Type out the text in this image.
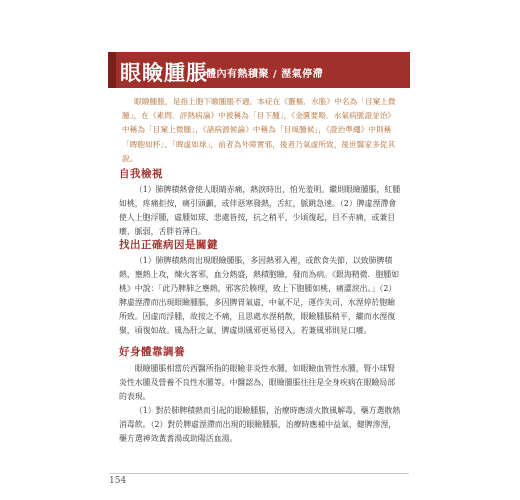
眼瞼腫脹
體內有熱積聚 / 溼氣停滯

眼瞼腫脹，是指上胞下瞼腫脹不適。本症在《靈樞．水脹》中名為「目窠上微腫」，在《素問．評熱病論》中被稱為「目下腫」，《金匱要略．水氣病脈證並治》中稱為「目窠上微腫」，《諸病源候論》中稱為「目風腫候」，《證治準繩》中則稱「睥胞如杯」、「睥虛如球」，前者為外障實邪，後者乃氣虛所致，後世醫家多從其說。

自我檢視

（1）肺脾積熱會使人眼睛赤痛，熱淚時出，怕光羞明。繼則眼瞼腫脹，紅腫如桃，疼痛拒按，痛引頭顱，或伴惡寒發熱，舌紅，脈跳急速。（2）脾虛溼滯會使人上胞浮腫，虛腫如球，悲處皆按，抗之稍平，少頃復起，目不赤痛，或兼目癢，脈弱，舌胖苔薄白。

找出正確病因是關鍵

（1）肺脾積熱而出現眼瞼腫脹，多因熱邪入裡，或飲食失節，以致肺脾積熱，壅熱上攻，煉火客邪，血分熱盛，熱積胞瞼，發而為病。《銀海精微．胞腫如桃》中說：「此乃脾肺之壅熱，邪客於腠理，致上下胞腫如桃，痛澀淚出。」（2）脾虛溼滯而出現眼瞼腫脹，多因脾胃氣虛，中氣不足，運作失司，水溼停於胞瞼所致。因虛而浮腫，故按之不痛，且思處水溼稍散，眼瞼腫脹稍平，繼而水溼復聚，頃復如故。風為肝之氣，脾虛則風邪更易侵入，若兼風邪則見口癢。

好身體靠調養

眼瞼腫脹相當於西醫所指的眼瞼非炎性水腫，如眼瞼血管性水腫，腎小球腎炎性水腫及營養不良性水腫等。中醫認為，眼瞼腫脹往往是全身疾病在眼瞼局部的表現。

（1）對於肺脾積熱而引起的眼瞼腫脹，治療時應清火散風解毒，藥方選散熱消毒飲。（2）對於脾虛溼滯而出現的眼瞼腫脹，治療時應補中益氣，健脾滲溼，藥方選神效黃耆湯或助陽活血湯。

154
